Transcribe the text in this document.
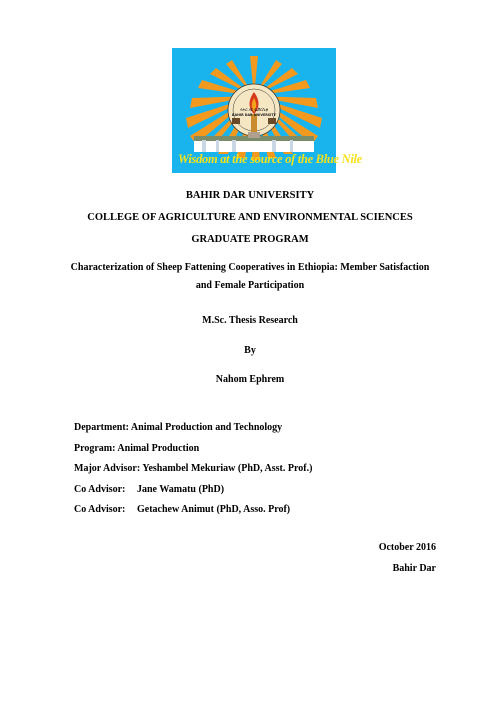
ባሕር ዳር ዩኒቨርሲቲ
BAHIR DAR UNIVERSITY
Wisdom at the source of the Blue Nile
BAHIR DAR UNIVERSITY
COLLEGE OF AGRICULTURE AND ENVIRONMENTAL SCIENCES
GRADUATE PROGRAM
Characterization of Sheep Fattening Cooperatives in Ethiopia: Member Satisfaction
and Female Participation
M.Sc. Thesis Research
By
Nahom Ephrem
Department: Animal Production and Technology
Program: Animal Production
Major Advisor: Yeshambel Mekuriaw (PhD, Asst. Prof.)
Co Advisor: Jane Wamatu (PhD)
Co Advisor: Getachew Animut (PhD, Asso. Prof)
October 2016
Bahir Dar
